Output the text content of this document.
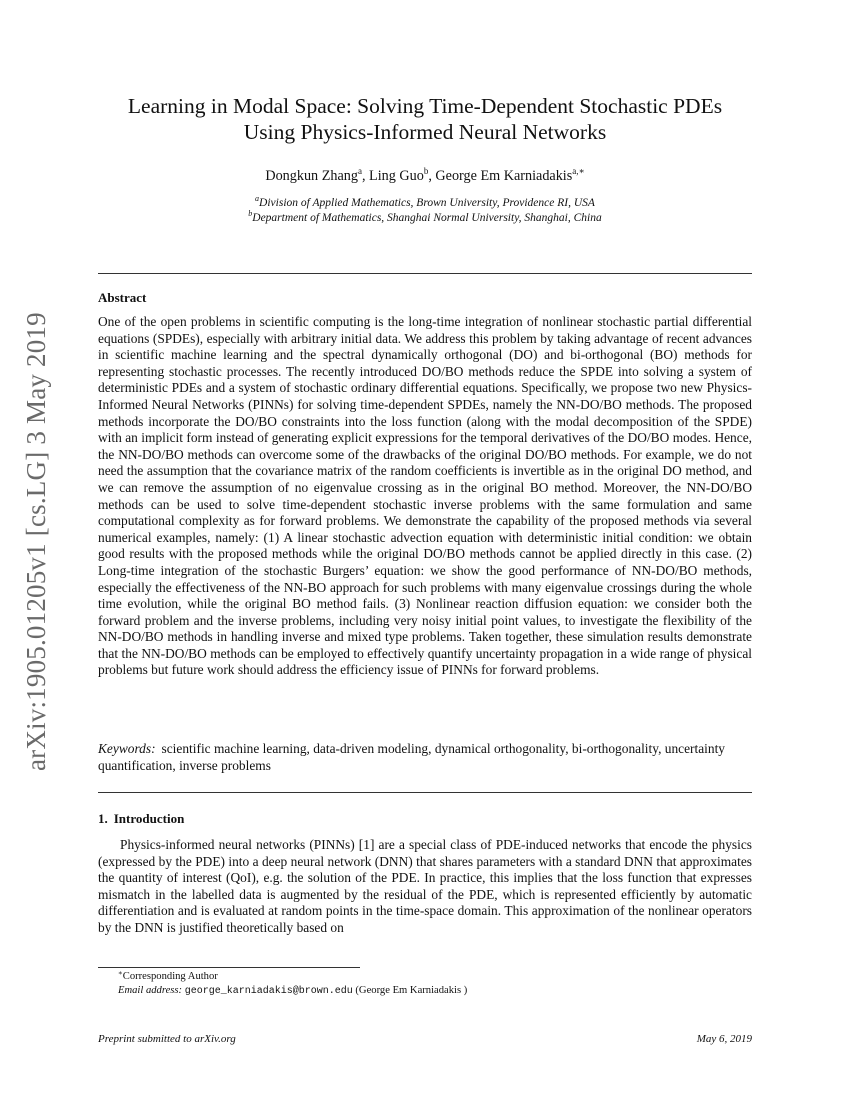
arXiv:1905.01205v1 [cs.LG] 3 May 2019
Learning in Modal Space: Solving Time-Dependent Stochastic PDEs
Using Physics-Informed Neural Networks
Dongkun Zhang$^a$, Ling Guo$^b$, George Em Karniadakis$^{a,∗}$
$^a$Division of Applied Mathematics, Brown University, Providence RI, USA
$^b$Department of Mathematics, Shanghai Normal University, Shanghai, China
Abstract
One of the open problems in scientific computing is the long-time integration of nonlinear stochastic partial differential equations (SPDEs), especially with arbitrary initial data. We address this problem by taking advantage of recent advances in scientific machine learning and the spectral dynamically orthogonal (DO) and bi-orthogonal (BO) methods for representing stochastic processes. The recently introduced DO/BO methods reduce the SPDE into solving a system of deterministic PDEs and a system of stochastic ordinary differential equations. Specifically, we propose two new Physics-Informed Neural Networks (PINNs) for solving time-dependent SPDEs, namely the NN-DO/BO methods. The proposed methods incorporate the DO/BO constraints into the loss function (along with the modal decomposition of the SPDE) with an implicit form instead of generating explicit expressions for the temporal derivatives of the DO/BO modes. Hence, the NN-DO/BO methods can overcome some of the drawbacks of the original DO/BO methods. For example, we do not need the assumption that the covariance matrix of the random coefficients is invertible as in the original DO method, and we can remove the assumption of no eigenvalue crossing as in the original BO method. Moreover, the NN-DO/BO methods can be used to solve time-dependent stochastic inverse problems with the same formulation and same computational complexity as for forward problems. We demonstrate the capability of the proposed methods via several numerical examples, namely: (1) A linear stochastic advection equation with deterministic initial condition: we obtain good results with the proposed methods while the original DO/BO methods cannot be applied directly in this case. (2) Long-time integration of the stochastic Burgers’ equation: we show the good performance of NN-DO/BO methods, especially the effectiveness of the NN-BO approach for such problems with many eigenvalue crossings during the whole time evolution, while the original BO method fails. (3) Nonlinear reaction diffusion equation: we consider both the forward problem and the inverse problems, including very noisy initial point values, to investigate the flexibility of the NN-DO/BO methods in handling inverse and mixed type problems. Taken together, these simulation results demonstrate that the NN-DO/BO methods can be employed to effectively quantify uncertainty propagation in a wide range of physical problems but future work should address the efficiency issue of PINNs for forward problems.
Keywords: scientific machine learning, data-driven modeling, dynamical orthogonality, bi-orthogonality, uncertainty quantification, inverse problems
1. Introduction
Physics-informed neural networks (PINNs) [1] are a special class of PDE-induced networks that encode the physics (expressed by the PDE) into a deep neural network (DNN) that shares parameters with a standard DNN that approximates the quantity of interest (QoI), e.g. the solution of the PDE. In practice, this implies that the loss function that expresses mismatch in the labelled data is augmented by the residual of the PDE, which is represented efficiently by automatic differentiation and is evaluated at random points in the time-space domain. This approximation of the nonlinear operators by the DNN is justified theoretically based on
∗Corresponding Author
Email address: george_karniadakis@brown.edu (George Em Karniadakis )
Preprint submitted to arXiv.org	May 6, 2019
